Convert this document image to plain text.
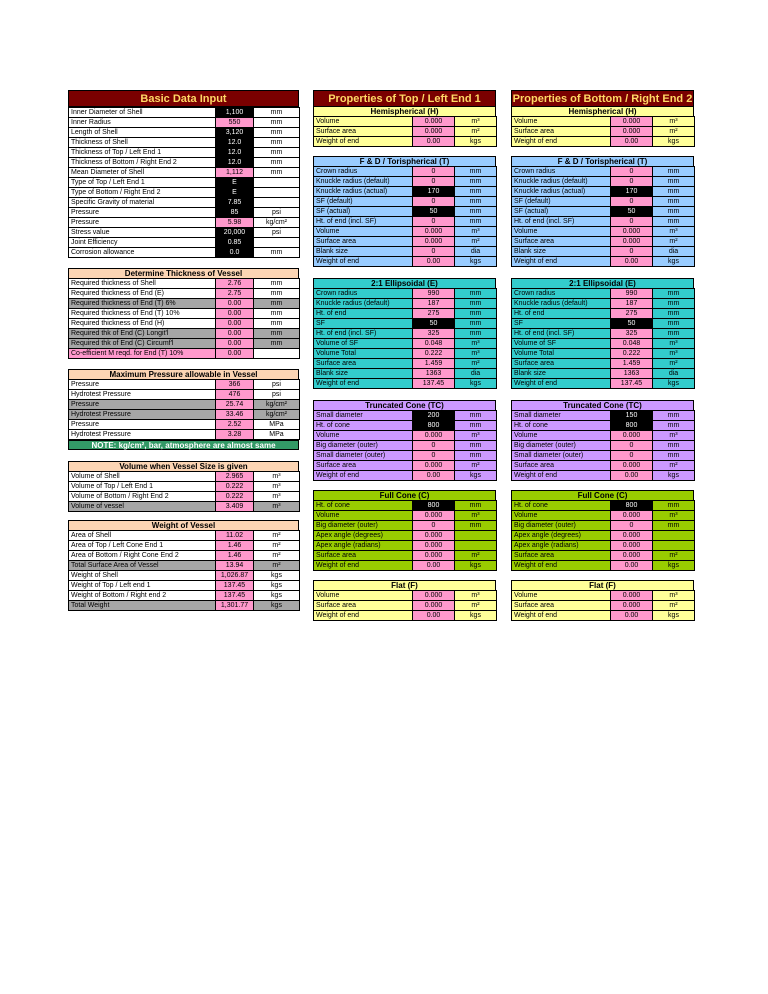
Basic Data Input
Inner Diameter of Shell	1,100	mm
Inner Radius	550	mm
Length of Shell	3,120	mm
Thickness of Shell	12.0	mm
Thickness of Top / Left End 1	12.0	mm
Thickness of Bottom / Right End 2	12.0	mm
Mean Diameter of Shell	1,112	mm
Type of Top / Left End 1	E	
Type of Bottom / Right End 2	E	
Specific Gravity of material	7.85	
Pressure	85	psi
Pressure	5.98	kg/cm²
Stress value	20,000	psi
Joint Efficiency	0.85	
Corrosion allowance	0.0	mm
Determine Thickness of Vessel
Required thickness of Shell	2.76	mm
Required thickness of End (E)	2.75	mm
Required thickness of End (T) 6%	0.00	mm
Required thickness of End (T) 10%	0.00	mm
Required thickness of End (H)	0.00	mm
Required thk of End (C) Longit'l	0.00	mm
Required thk of End (C) Circumf'l	0.00	mm
Co-efficient M reqd. for End (T) 10%	0.00	
Maximum Pressure allowable in Vessel
Pressure	366	psi
Hydrotest Pressure	476	psi
Pressure	25.74	kg/cm²
Hydrotest Pressure	33.46	kg/cm²
Pressure	2.52	MPa
Hydrotest Pressure	3.28	MPa
NOTE: kg/cm², bar, atmosphere are almost same
Volume when Vessel Size is given
Volume of Shell	2.965	m³
Volume of Top / Left End 1	0.222	m³
Volume of Bottom / Right End 2	0.222	m³
Volume of vessel	3.409	m³
Weight of Vessel
Area of Shell	11.02	m²
Area of Top / Left Cone End 1	1.46	m²
Area of Bottom / Right Cone End 2	1.46	m²
Total Surface Area of Vessel	13.94	m²
Weight of Shell	1,026.87	kgs
Weight of Top / Left end 1	137.45	kgs
Weight of Bottom / Right end 2	137.45	kgs
Total Weight	1,301.77	kgs
Properties of Top / Left End 1	Properties of Bottom / Right End 2
Hemispherical (H)
Volume	0.000	m³
Surface area	0.000	m²
Weight of end	0.00	kgs
F & D / Torispherical (T)
Crown radius	0	mm
Knuckle radius (default)	0	mm
Knuckle radius (actual)	170	mm
SF (default)	0	mm
SF (actual)	50	mm
Ht. of end (incl. SF)	0	mm
Volume	0.000	m³
Surface area	0.000	m²
Blank size	0	dia
Weight of end	0.00	kgs
2:1 Ellipsoidal (E)
Crown radius	990	mm
Knuckle radius (default)	187	mm
Ht. of end	275	mm
SF	50	mm
Ht. of end (incl. SF)	325	mm
Volume of SF	0.048	m³
Volume Total	0.222	m³
Surface area	1.459	m²
Blank size	1363	dia
Weight of end	137.45	kgs
Truncated Cone (TC)
Small diameter	200	mm
Ht. of cone	800	mm
Volume	0.000	m³
Big diameter (outer)	0	mm
Small diameter (outer)	0	mm
Surface area	0.000	m²
Weight of end	0.00	kgs
Full Cone (C)
Ht. of cone	800	mm
Volume	0.000	m³
Big diameter (outer)	0	mm
Apex angle (degrees)	0.000	
Apex angle (radians)	0.000	
Surface area	0.000	m²
Weight of end	0.00	kgs
Flat (F)
Volume	0.000	m³
Surface area	0.000	m²
Weight of end	0.00	kgs
Hemispherical (H)
Volume	0.000	m³
Surface area	0.000	m²
Weight of end	0.00	kgs
F & D / Torispherical (T)
Crown radius	0	mm
Knuckle radius (default)	0	mm
Knuckle radius (actual)	170	mm
SF (default)	0	mm
SF (actual)	50	mm
Ht. of end (incl. SF)	0	mm
Volume	0.000	m³
Surface area	0.000	m²
Blank size	0	dia
Weight of end	0.00	kgs
2:1 Ellipsoidal (E)
Crown radius	990	mm
Knuckle radius (default)	187	mm
Ht. of end	275	mm
SF	50	mm
Ht. of end (incl. SF)	325	mm
Volume of SF	0.048	m³
Volume Total	0.222	m³
Surface area	1.459	m²
Blank size	1363	dia
Weight of end	137.45	kgs
Truncated Cone (TC)
Small diameter	150	mm
Ht. of cone	800	mm
Volume	0.000	m³
Big diameter (outer)	0	mm
Small diameter (outer)	0	mm
Surface area	0.000	m²
Weight of end	0.00	kgs
Full Cone (C)
Ht. of cone	800	mm
Volume	0.000	m³
Big diameter (outer)	0	mm
Apex angle (degrees)	0.000	
Apex angle (radians)	0.000	
Surface area	0.000	m²
Weight of end	0.00	kgs
Flat (F)
Volume	0.000	m³
Surface area	0.000	m²
Weight of end	0.00	kgs
